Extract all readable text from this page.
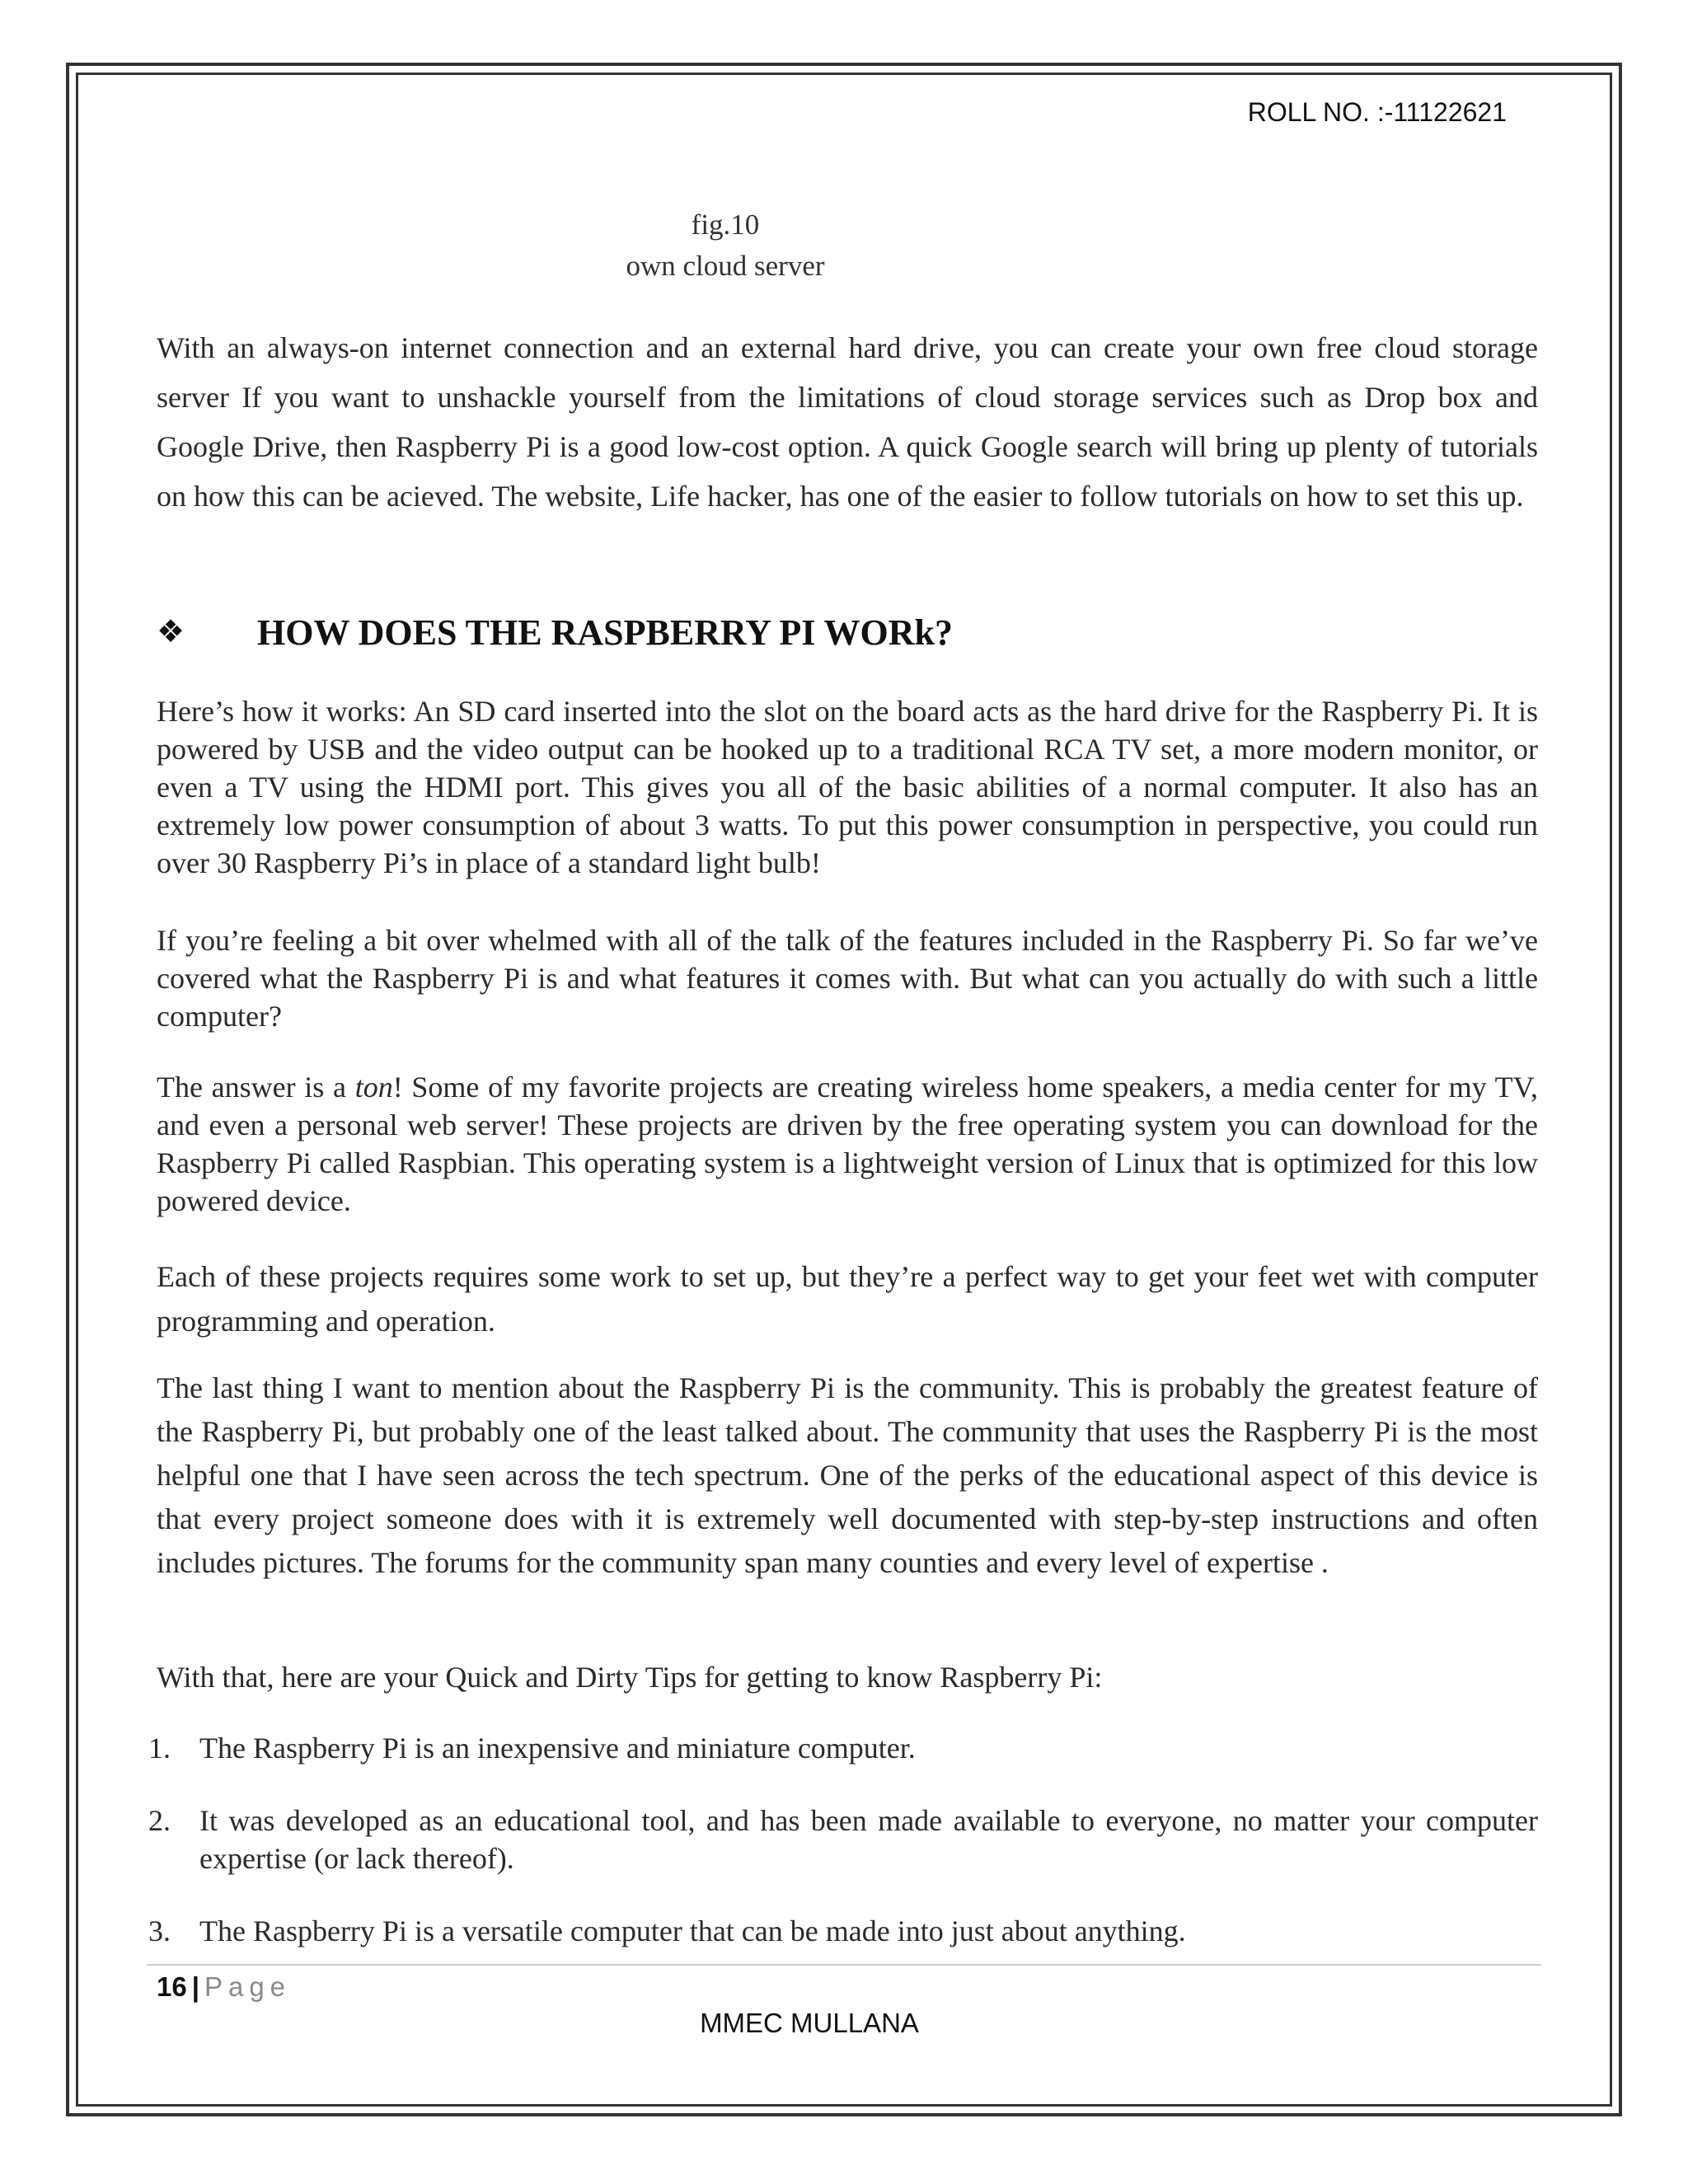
ROLL NO. :-11122621
fig.10
own cloud server

With an always-on internet connection and an external hard drive, you can create your own free cloud storage server If you want to unshackle yourself from the limitations of cloud storage services such as Drop box and Google Drive, then Raspberry Pi is a good low-cost option. A quick Google search will bring up plenty of tutorials on how this can be acieved. The website, Life hacker, has one of the easier to follow tutorials on how to set this up.

❖ HOW DOES THE RASPBERRY PI WORk?

Here’s how it works: An SD card inserted into the slot on the board acts as the hard drive for the Raspberry Pi. It is powered by USB and the video output can be hooked up to a traditional RCA TV set, a more modern monitor, or even a TV using the HDMI port. This gives you all of the basic abilities of a normal computer. It also has an extremely low power consumption of about 3 watts. To put this power consumption in perspective, you could run over 30 Raspberry Pi’s in place of a standard light bulb!

If you’re feeling a bit over whelmed with all of the talk of the features included in the Raspberry Pi. So far we’ve covered what the Raspberry Pi is and what features it comes with. But what can you actually do with such a little computer?

The answer is a ton! Some of my favorite projects are creating wireless home speakers, a media center for my TV, and even a personal web server! These projects are driven by the free operating system you can download for the Raspberry Pi called Raspbian. This operating system is a lightweight version of Linux that is optimized for this low powered device.

Each of these projects requires some work to set up, but they’re a perfect way to get your feet wet with computer programming and operation.

The last thing I want to mention about the Raspberry Pi is the community. This is probably the greatest feature of the Raspberry Pi, but probably one of the least talked about. The community that uses the Raspberry Pi is the most helpful one that I have seen across the tech spectrum. One of the perks of the educational aspect of this device is that every project someone does with it is extremely well documented with step-by-step instructions and often includes pictures. The forums for the community span many counties and every level of expertise .

With that, here are your Quick and Dirty Tips for getting to know Raspberry Pi:

1. The Raspberry Pi is an inexpensive and miniature computer.
2. It was developed as an educational tool, and has been made available to everyone, no matter your computer expertise (or lack thereof).
3. The Raspberry Pi is a versatile computer that can be made into just about anything.
16 | Page
MMEC MULLANA
